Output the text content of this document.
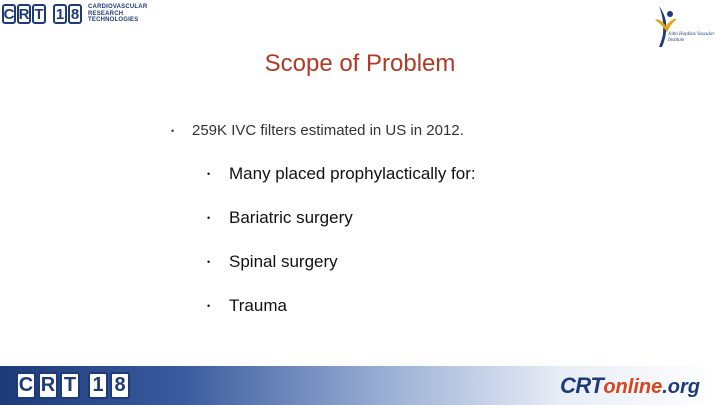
C R T 1 8	CARDIOVASCULAR
RESEARCH
TECHNOLOGIES
John Hopkins Vascular Institute
Scope of Problem
• 259K IVC filters estimated in US in 2012.
• Many placed prophylactically for:
• Bariatric surgery
• Spinal surgery
• Trauma
C R T 1 8	CRT online .org
